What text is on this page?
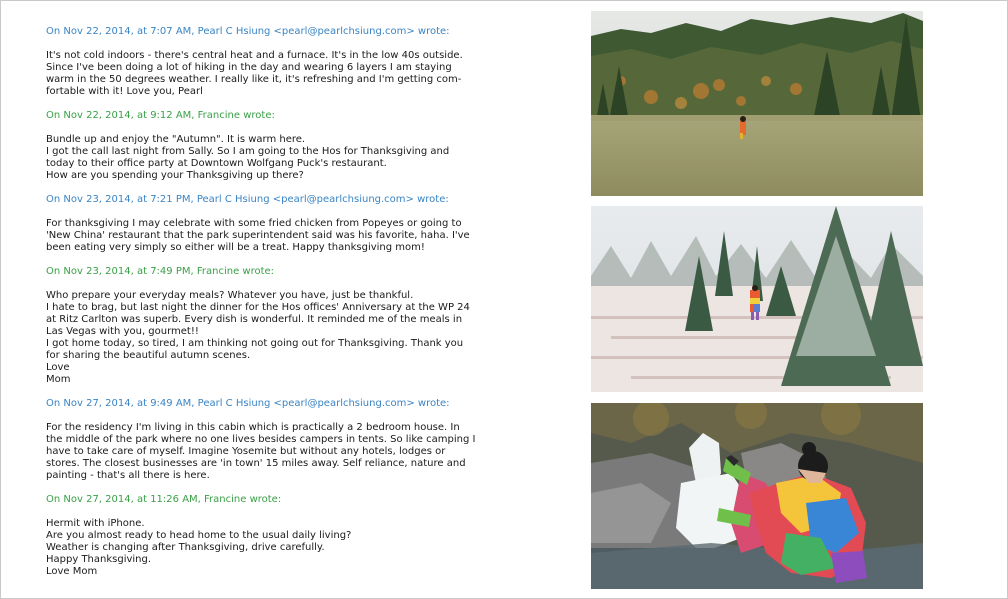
On Nov 22, 2014, at 7:07 AM, Pearl C Hsiung <pearl@pearlchsiung.com> wrote:
It's not cold indoors - there's central heat and a furnace. It's in the low 40s outside.
Since I've been doing a lot of hiking in the day and wearing 6 layers I am staying
warm in the 50 degrees weather. I really like it, it's refreshing and I'm getting com-
fortable with it! Love you, Pearl
On Nov 22, 2014, at 9:12 AM, Francine wrote:
Bundle up and enjoy the "Autumn". It is warm here.
I got the call last night from Sally. So I am going to the Hos for Thanksgiving and
today to their office party at Downtown Wolfgang Puck's restaurant.
How are you spending your Thanksgiving up there?
On Nov 23, 2014, at 7:21 PM, Pearl C Hsiung <pearl@pearlchsiung.com> wrote:
For thanksgiving I may celebrate with some fried chicken from Popeyes or going to
'New China' restaurant that the park superintendent said was his favorite, haha. I've
been eating very simply so either will be a treat. Happy thanksgiving mom!
On Nov 23, 2014, at 7:49 PM, Francine wrote:
Who prepare your everyday meals? Whatever you have, just be thankful.
I hate to brag, but last night the dinner for the Hos offices' Anniversary at the WP 24
at Ritz Carlton was superb. Every dish is wonderful. It reminded me of the meals in
Las Vegas with you, gourmet!!
I got home today, so tired, I am thinking not going out for Thanksgiving. Thank you
for sharing the beautiful autumn scenes.
Love
Mom
On Nov 27, 2014, at 9:49 AM, Pearl C Hsiung <pearl@pearlchsiung.com> wrote:
For the residency I'm living in this cabin which is practically a 2 bedroom house. In
the middle of the park where no one lives besides campers in tents. So like camping I
have to take care of myself. Imagine Yosemite but without any hotels, lodges or
stores. The closest businesses are 'in town' 15 miles away. Self reliance, nature and
painting - that's all there is here.
On Nov 27, 2014, at 11:26 AM, Francine wrote:
Hermit with iPhone.
Are you almost ready to head home to the usual daily living?
Weather is changing after Thanksgiving, drive carefully.
Happy Thanksgiving.
Love Mom
